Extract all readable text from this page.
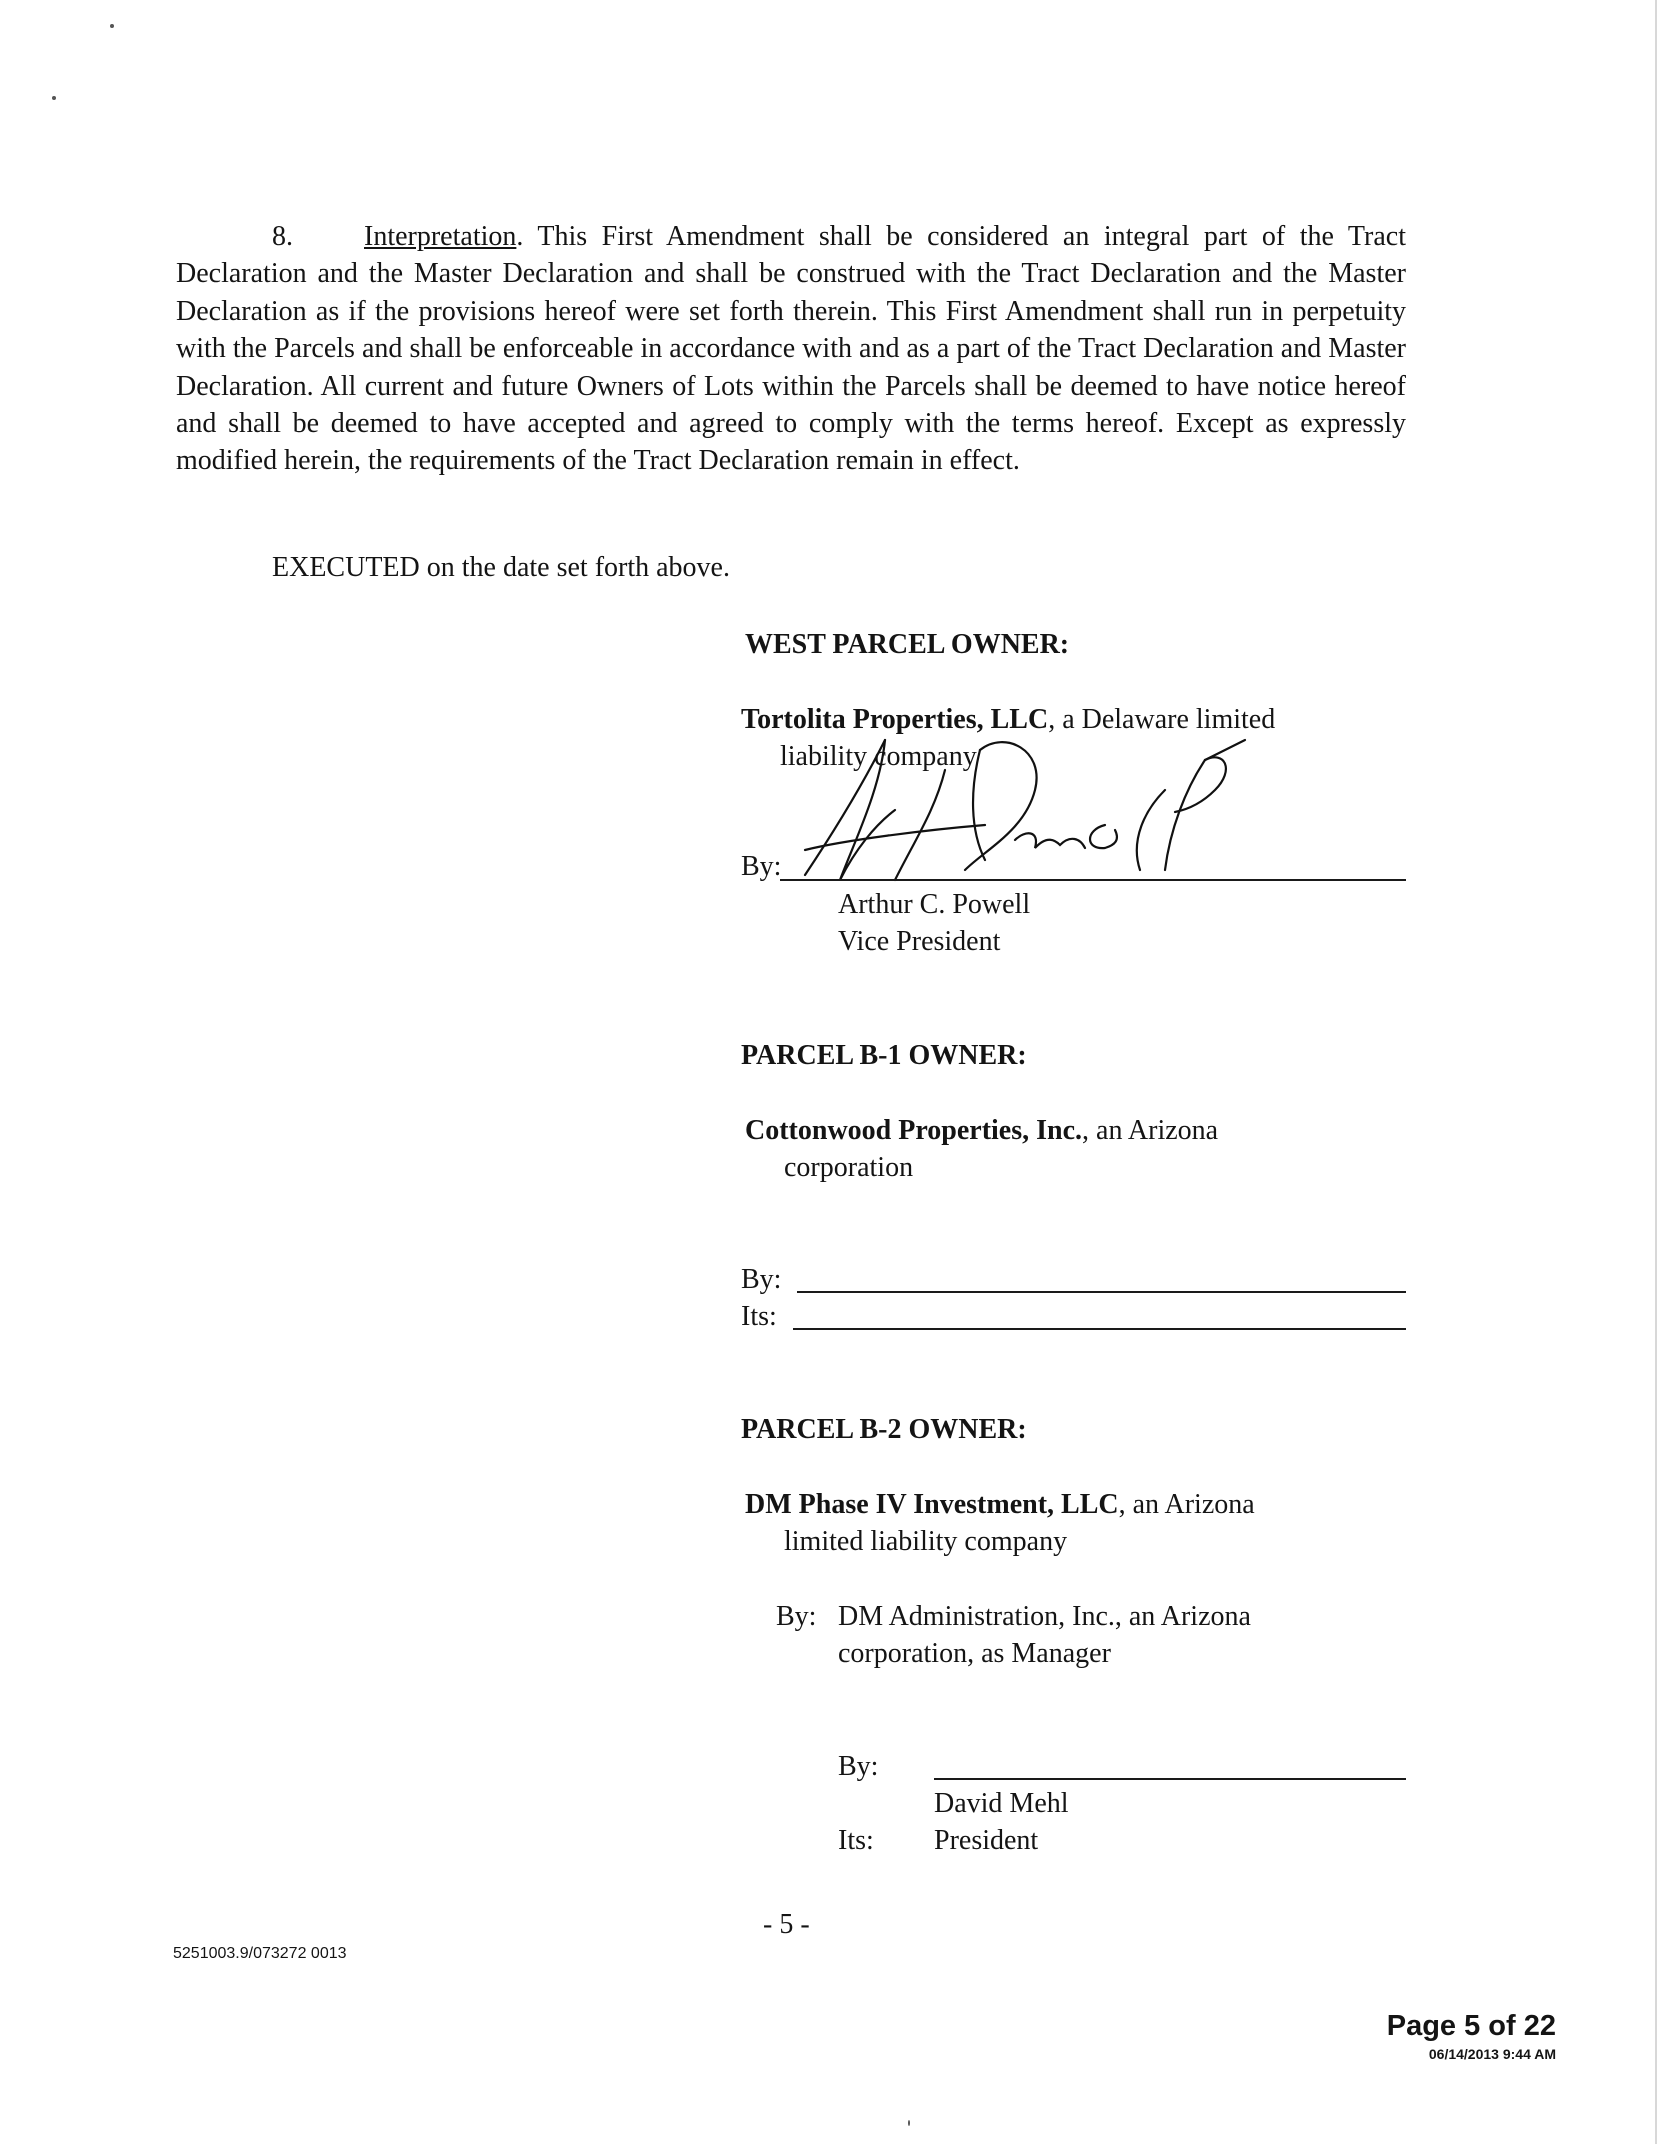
8.	Interpretation. This First Amendment shall be considered an integral part of the Tract Declaration and the Master Declaration and shall be construed with the Tract Declaration and the Master Declaration as if the provisions hereof were set forth therein. This First Amendment shall run in perpetuity with the Parcels and shall be enforceable in accordance with and as a part of the Tract Declaration and Master Declaration. All current and future Owners of Lots within the Parcels shall be deemed to have notice hereof and shall be deemed to have accepted and agreed to comply with the terms hereof. Except as expressly modified herein, the requirements of the Tract Declaration remain in effect.
EXECUTED on the date set forth above.
WEST PARCEL OWNER:
Tortolita Properties, LLC, a Delaware limited
liability company
By:
Arthur C. Powell
Vice President
PARCEL B-1 OWNER:
Cottonwood Properties, Inc., an Arizona
corporation
By:
Its:
PARCEL B-2 OWNER:
DM Phase IV Investment, LLC, an Arizona
limited liability company
By: DM Administration, Inc., an Arizona
corporation, as Manager
By:
David Mehl
Its: President
- 5 -
5251003.9/073272 0013
Page 5 of 22
06/14/2013 9:44 AM
